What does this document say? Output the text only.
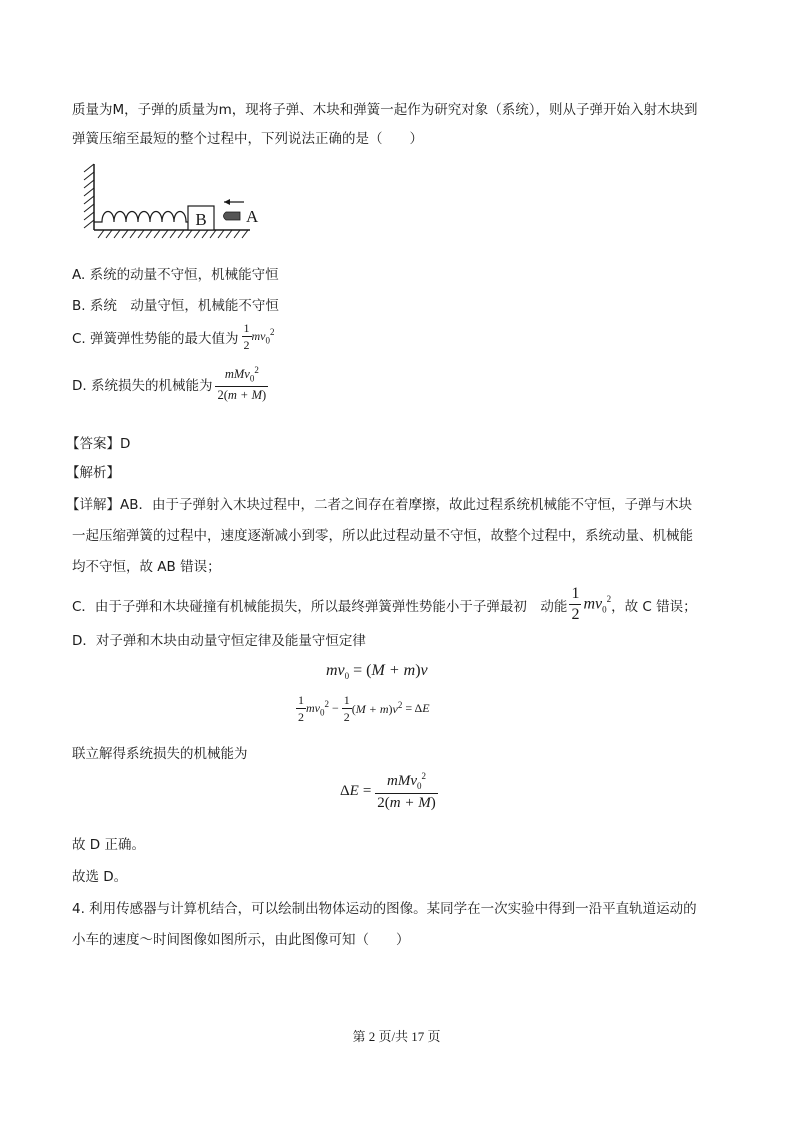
质量为M，子弹的质量为m，现将子弹、木块和弹簧一起作为研究对象（系统），则从子弹开始入射木块到
弹簧压缩至最短的整个过程中，下列说法正确的是（　　）
B A
A. 系统的动量不守恒，机械能守恒
B. 系统　动量守恒，机械能不守恒
C. 弹簧弹性势能的最大值为 $\frac{1}{2} mv_0^2$
D. 系统损失的机械能为 $\frac{mMv_0^2}{2(m + M)}$
【答案】D
【解析】
【详解】AB．由于子弹射入木块过程中，二者之间存在着摩擦，故此过程系统机械能不守恒，子弹与木块
一起压缩弹簧的过程中，速度逐渐减小到零，所以此过程动量不守恒，故整个过程中，系统动量、机械能
均不守恒，故 AB 错误；
C．由于子弹和木块碰撞有机械能损失，所以最终弹簧弹性势能小于子弹最初　动能 $\frac{1}{2} mv_0^2$ ，故 C 错误；
D．对子弹和木块由动量守恒定律及能量守恒定律
$mv_0 = (M + m)v$
$\frac{1}{2} mv_0^2 - \frac{1}{2} (M + m)v^2 = \Delta$ E
联立解得系统损失的机械能为
Δ $E = \frac{mMv_0^2}{2(m + M)}$
故 D 正确。
故选 D。
4. 利用传感器与计算机结合，可以绘制出物体运动的图像。某同学在一次实验中得到一沿平直轨道运动的
小车的速度～时间图像如图所示，由此图像可知（　　）
第 2 页/共 17 页
